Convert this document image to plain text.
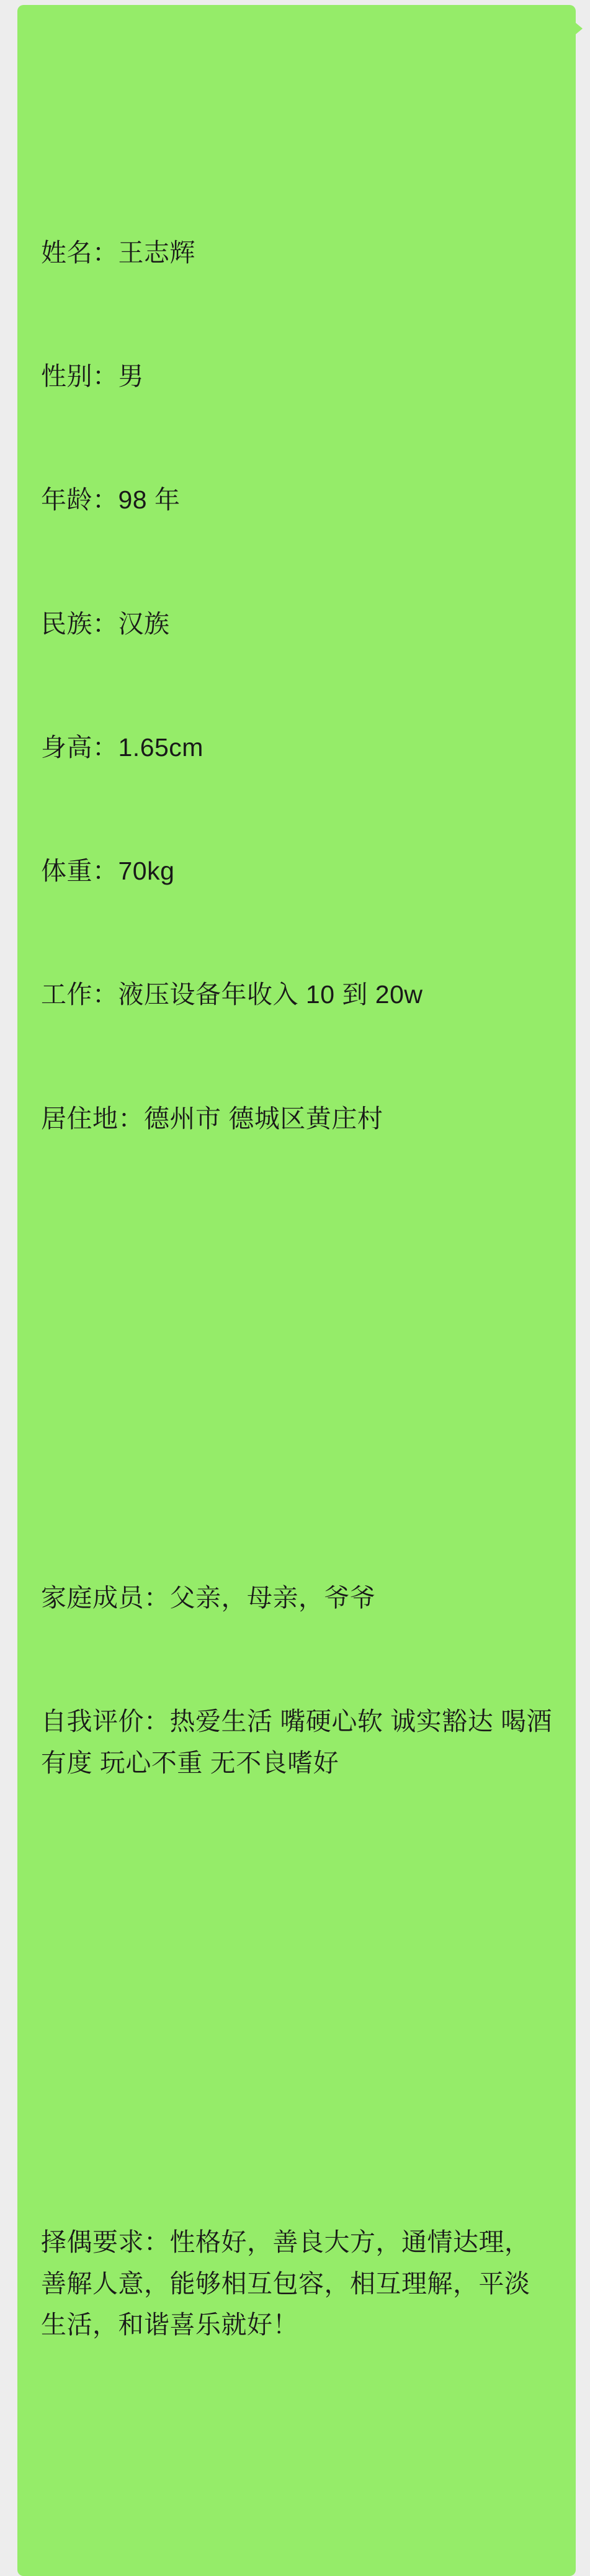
姓名：王志辉

性别：男

年龄：98 年

民族：汉族

身高：1.65cm

体重：70kg

工作：液压设备年收入 10 到 20w

居住地：德州市 德城区黄庄村

家庭成员：父亲，母亲，爷爷

自我评价：热爱生活 嘴硬心软 诚实豁达 喝酒有度 玩心不重 无不良嗜好

择偶要求：性格好，善良大方，通情达理，善解人意，能够相互包容，相互理解，平淡生活，和谐喜乐就好！
